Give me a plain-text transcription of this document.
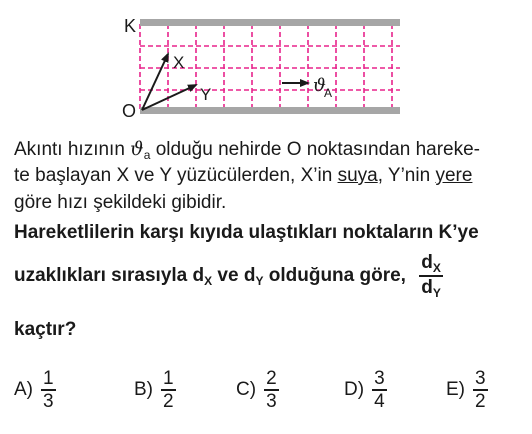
K
O
X
Y	ϑ
A
Akıntı hızının $ϑ_a$ olduğu nehirde O noktasından hareke-
te başlayan X ve Y yüzücülerden, X’in suya, Y’nin yere
göre hızı şekildeki gibidir.
Hareketlilerin karşı kıyıda ulaştıkları noktaların K’ye
uzaklıkları sırasıyla $d_X$ ve $d_Y$ olduğuna göre, $\frac{d_X}{d_Y}$
kaçtır?
$A) \frac{1}{3}$	$B) \frac{1}{2}$	$C) \frac{2}{3}$	$D) \frac{3}{4}$	$E) \frac{3}{2}$
